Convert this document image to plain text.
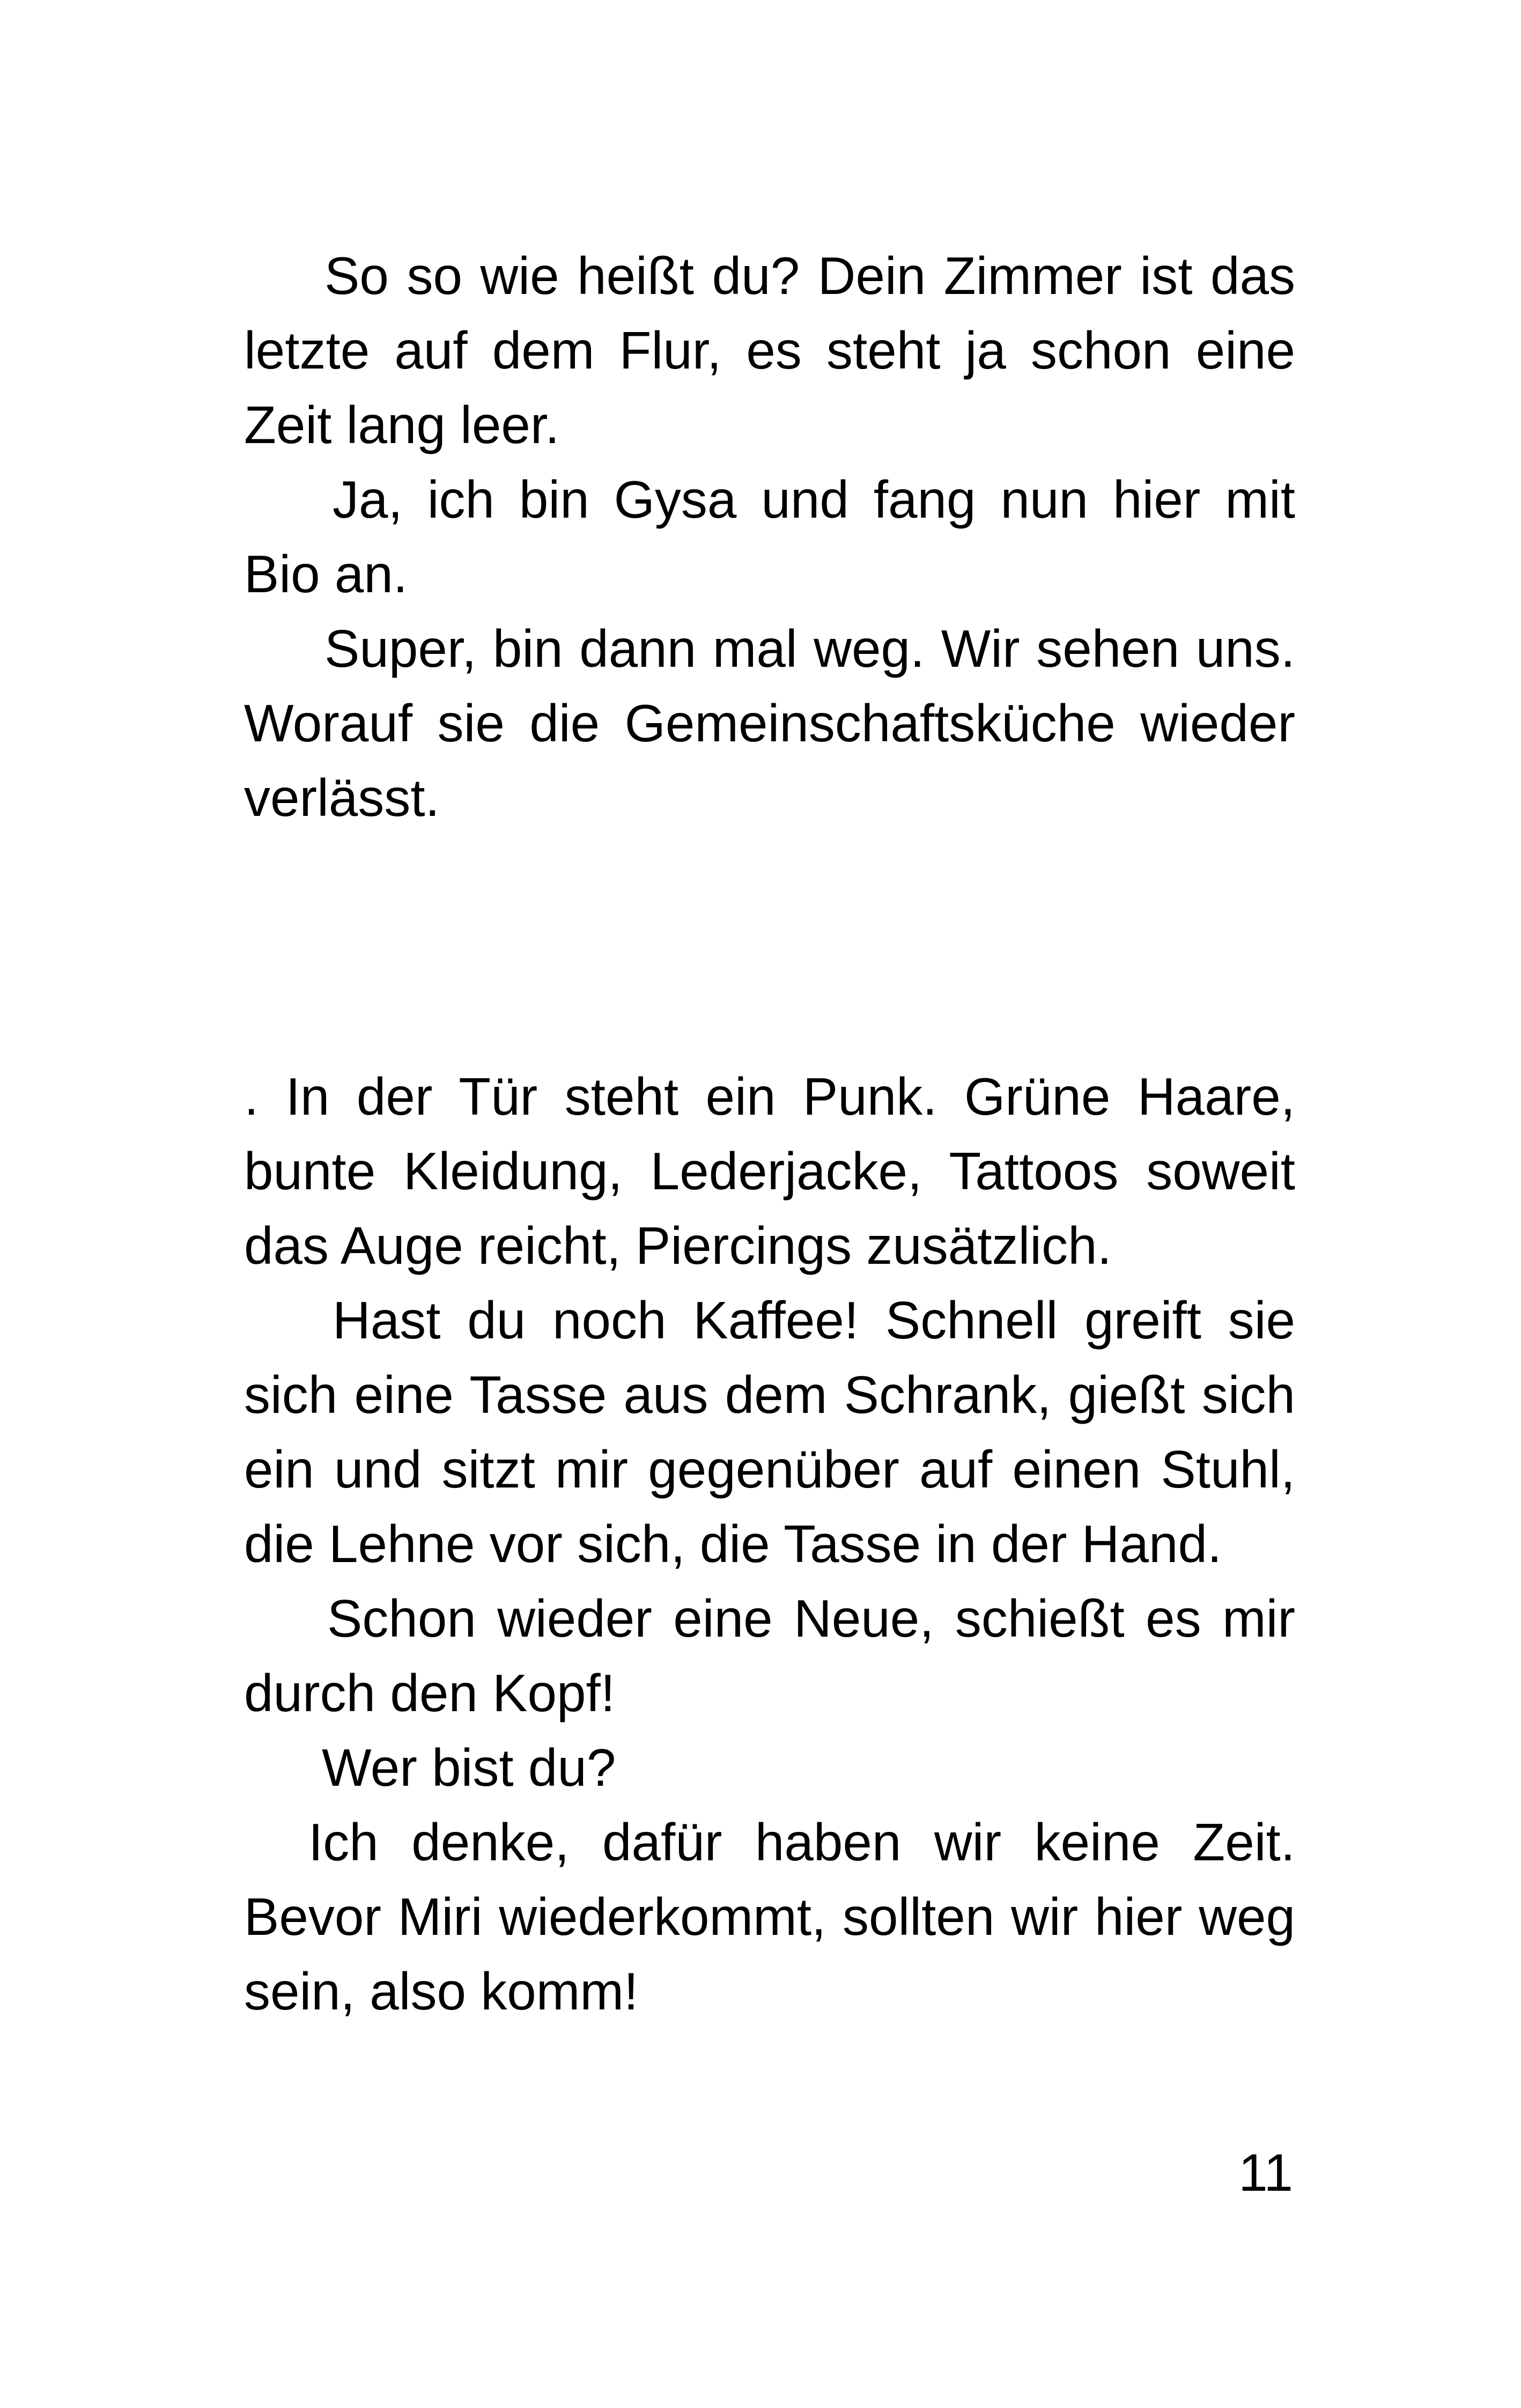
So so wie heißt du? Dein Zimmer ist das letzte auf dem Flur, es steht ja schon eine Zeit lang leer.

Ja, ich bin Gysa und fang nun hier mit Bio an.

Super, bin dann mal weg. Wir sehen uns. Worauf sie die Gemeinschaftsküche wieder verlässt.

. In der Tür steht ein Punk. Grüne Haare, bunte Kleidung, Lederjacke, Tattoos soweit das Auge reicht, Piercings zusätzlich.

Hast du noch Kaffee! Schnell greift sie sich eine Tasse aus dem Schrank, gießt sich ein und sitzt mir gegenüber auf einen Stuhl, die Lehne vor sich, die Tasse in der Hand.

Schon wieder eine Neue, schießt es mir durch den Kopf!

Wer bist du?

Ich denke, dafür haben wir keine Zeit. Bevor Miri wiederkommt, sollten wir hier weg sein, also komm!

11
